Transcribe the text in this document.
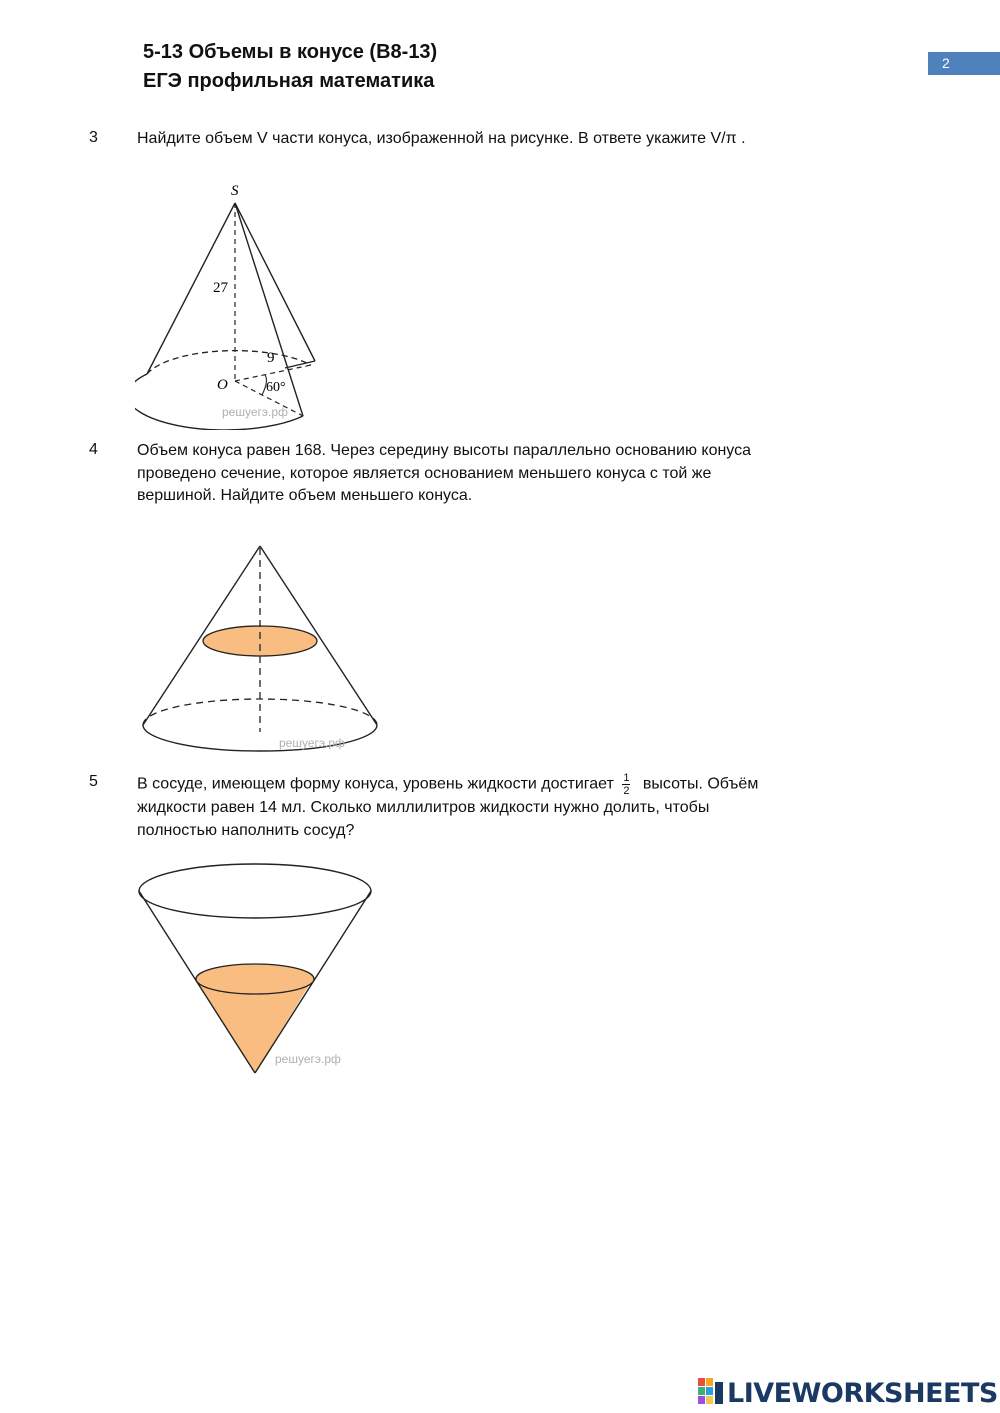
5-13 Объемы в конусе (В8-13)
ЕГЭ профильная математика
2
3 Найдите объем V части конуса, изображенной на рисунке. В ответе укажите V/π .
S
27
9
O	60°
решуегэ.рф
4 Объем конуса равен 168. Через середину высоты параллельно основанию конуса проведено сечение, которое является основанием меньшего конуса с той же вершиной. Найдите объем меньшего конуса.
решуегэ.рф
5 В сосуде, имеющем форму конуса, уровень жидкости достигает $\frac{1}{2}$ высоты. Объём жидкости равен 14 мл. Сколько миллилитров жидкости нужно долить, чтобы полностью наполнить сосуд?
решуегэ.рф
LIVEWORKSHEETS
